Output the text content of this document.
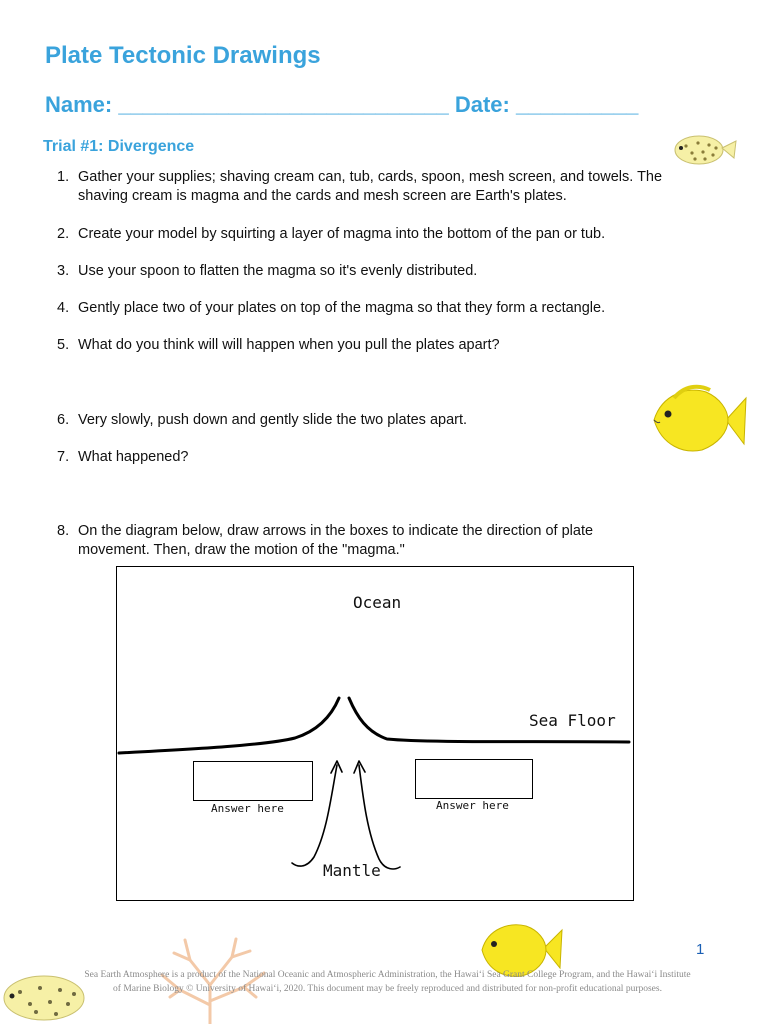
Plate Tectonic Drawings
Name: ___________________________ Date: __________
Trial #1: Divergence
1. Gather your supplies; shaving cream can, tub, cards, spoon, mesh screen, and towels. The shaving cream is magma and the cards and mesh screen are Earth's plates.
2. Create your model by squirting a layer of magma into the bottom of the pan or tub.
3. Use your spoon to flatten the magma so it's evenly distributed.
4. Gently place two of your plates on top of the magma so that they form a rectangle.
5. What do you think will will happen when you pull the plates apart?
6. Very slowly, push down and gently slide the two plates apart.
7. What happened?
8. On the diagram below, draw arrows in the boxes to indicate the direction of plate movement. Then, draw the motion of the "magma."
Ocean
Sea Floor
Mantle
Answer here	Answer here
1
Sea Earth Atmosphere is a product of the National Oceanic and Atmospheric Administration, the Hawaiʻi Sea Grant College Program, and the Hawaiʻi Institute
of Marine Biology © University of Hawaiʻi, 2020. This document may be freely reproduced and distributed for non-profit educational purposes.
